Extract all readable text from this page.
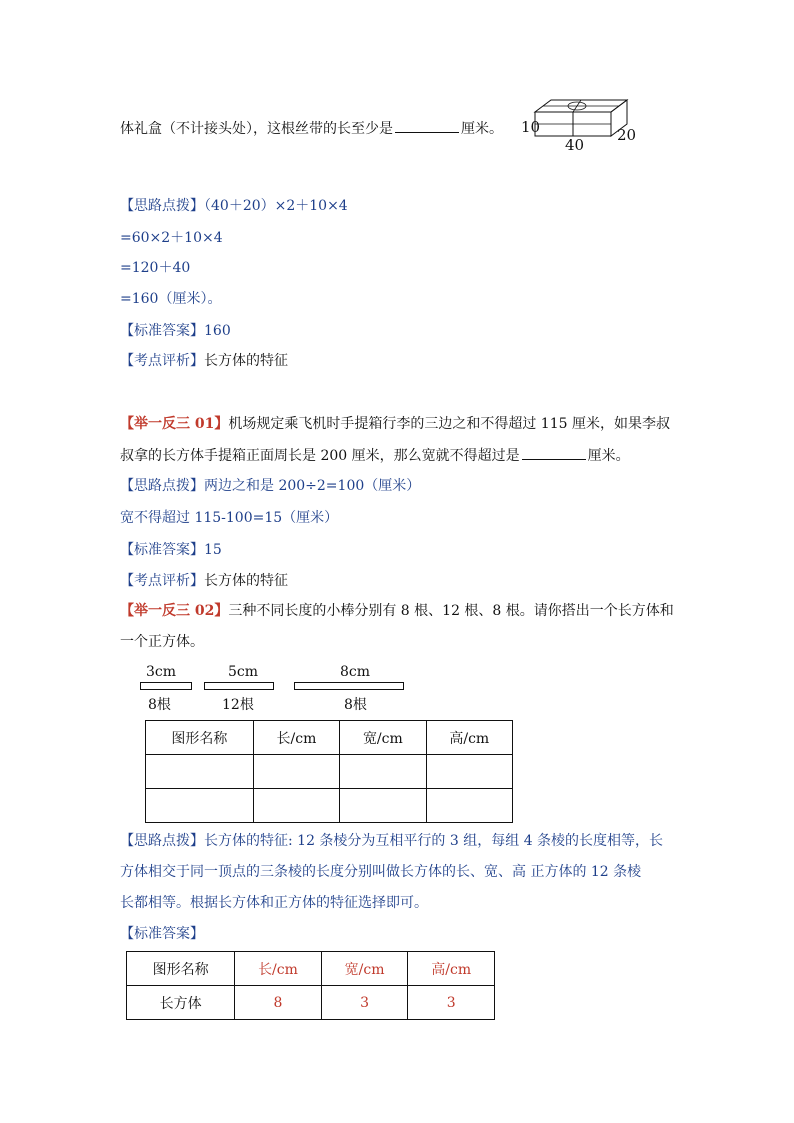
体礼盒（不计接头处），这根丝带的长至少是	厘米。 10
40
20
【思路点拨】（40＋20）×2＋10×4
=60×2＋10×4
=120＋40
=160（厘米）。
【标准答案】160
【考点评析】长方体的特征
【举一反三 01】机场规定乘飞机时手提箱行李的三边之和不得超过 115 厘米，如果李叔
叔拿的长方体手提箱正面周长是 200 厘米，那么宽就不得超过是	厘米。
【思路点拨】两边之和是 200÷2=100（厘米）
宽不得超过 115-100=15（厘米）
【标准答案】15
【考点评析】长方体的特征
【举一反三 02】三种不同长度的小棒分别有 8 根、12 根、8 根。请你搭出一个长方体和
一个正方体。
3cm
8根
5cm
12根
8cm
8根
图形名称	长/cm	宽/cm	高/cm

【思路点拨】长方体的特征: 12 条棱分为互相平行的 3 组，每组 4 条棱的长度相等，长
方体相交于同一顶点的三条棱的长度分别叫做长方体的长、宽、高 正方体的 12 条棱
长都相等。根据长方体和正方体的特征选择即可。
【标准答案】
图形名称	长/cm	宽/cm	高/cm
长方体	8	3	3
